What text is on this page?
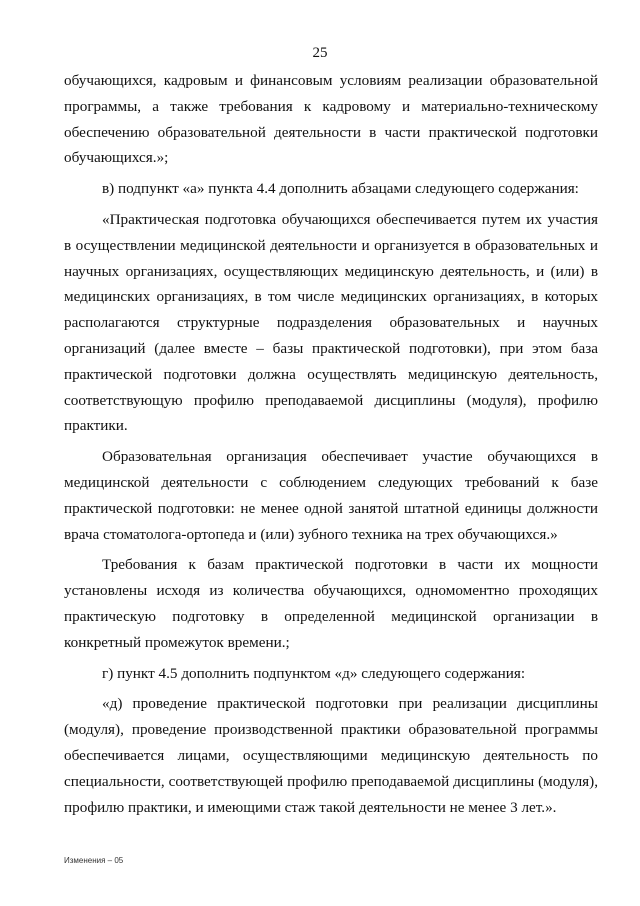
25

обучающихся, кадровым и финансовым условиям реализации образовательной программы, а также требования к кадровому и материально-техническому обеспечению образовательной деятельности в части практической подготовки обучающихся.»;

в) подпункт «а» пункта 4.4 дополнить абзацами следующего содержания:

«Практическая подготовка обучающихся обеспечивается путем их участия в осуществлении медицинской деятельности и организуется в образовательных и научных организациях, осуществляющих медицинскую деятельность, и (или) в медицинских организациях, в том числе медицинских организациях, в которых располагаются структурные подразделения образовательных и научных организаций (далее вместе – базы практической подготовки), при этом база практической подготовки должна осуществлять медицинскую деятельность, соответствующую профилю преподаваемой дисциплины (модуля), профилю практики.

Образовательная организация обеспечивает участие обучающихся в медицинской деятельности с соблюдением следующих требований к базе практической подготовки: не менее одной занятой штатной единицы должности врача стоматолога-ортопеда и (или) зубного техника на трех обучающихся.»

Требования к базам практической подготовки в части их мощности установлены исходя из количества обучающихся, одномоментно проходящих практическую подготовку в определенной медицинской организации в конкретный промежуток времени.;

г) пункт 4.5 дополнить подпунктом «д» следующего содержания:

«д) проведение практической подготовки при реализации дисциплины (модуля), проведение производственной практики образовательной программы обеспечивается лицами, осуществляющими медицинскую деятельность по специальности, соответствующей профилю преподаваемой дисциплины (модуля), профилю практики, и имеющими стаж такой деятельности не менее 3 лет.».

Изменения – 05
